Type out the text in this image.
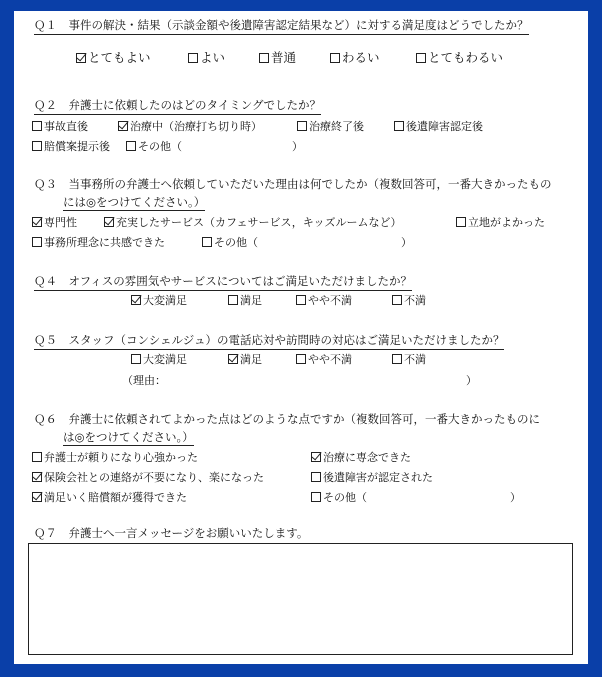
Ｑ１　事件の解決・結果（示談金額や後遺障害認定結果など）に対する満足度はどうでしたか？
とてもよい	よい	普通	わるい	とてもわるい
Ｑ２　弁護士に依頼したのはどのタイミングでしたか？
事故直後	治療中（治療打ち切り時）	治療終了後	後遺障害認定後
賠償案提示後	その他（　　　　　　　　　　）
Ｑ３　当事務所の弁護士へ依頼していただいた理由は何でしたか（複数回答可，一番大きかったもの
には◎をつけてください。）
専門性	充実したサービス（カフェサービス，キッズルームなど）	立地がよかった
事務所理念に共感できた	その他（　　　　　　　　　　　　　）
Ｑ４　オフィスの雰囲気やサービスについてはご満足いただけましたか？
大変満足	満足	やや不満	不満
Ｑ５　スタッフ（コンシェルジュ）の電話応対や訪問時の対応はご満足いただけましたか？
大変満足	満足	やや不満	不満
（理由：	）
Ｑ６　弁護士に依頼されてよかった点はどのような点ですか（複数回答可，一番大きかったものに
は◎をつけてください。）
弁護士が頼りになり心強かった	治療に専念できた
保険会社との連絡が不要になり、楽になった	後遺障害が認定された
満足いく賠償額が獲得できた	その他（　　　　　　　　　　　　　）
Ｑ７　弁護士へ一言メッセージをお願いいたします。
